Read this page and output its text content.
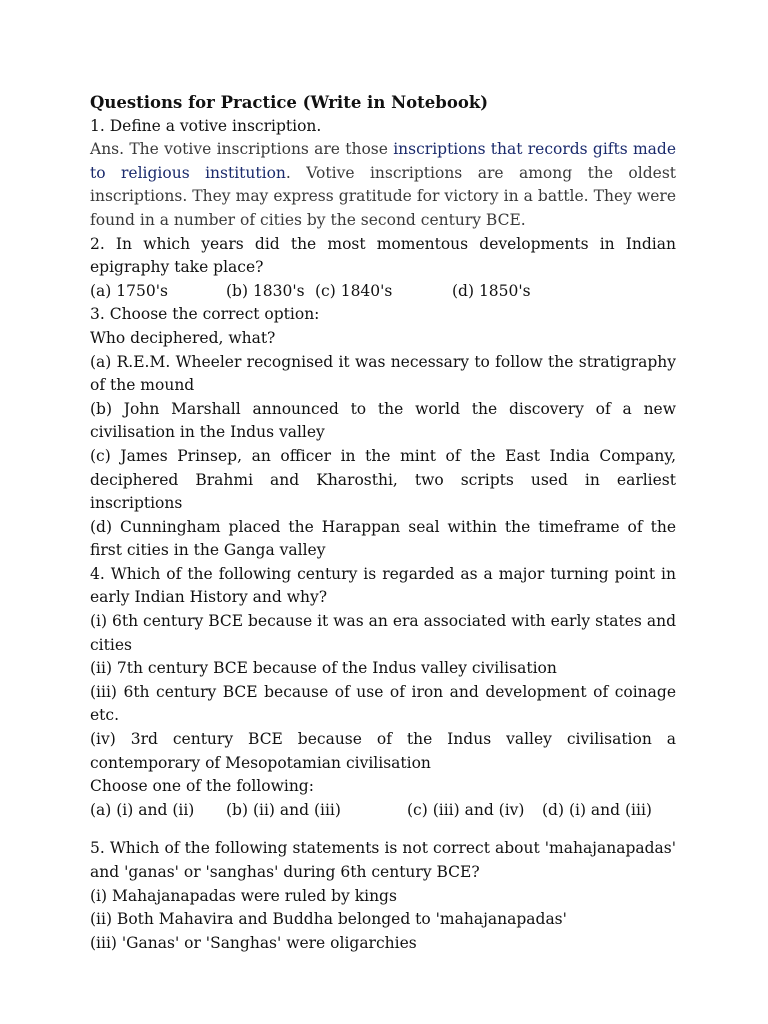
Questions for Practice (Write in Notebook)

1. Define a votive inscription.

Ans. The votive inscriptions are those inscriptions that records gifts made to religious institution. Votive inscriptions are among the oldest inscriptions. They may express gratitude for victory in a battle. They were found in a number of cities by the second century BCE.

2. In which years did the most momentous developments in Indian epigraphy take place?

(a) 1750's	(b) 1830's (c) 1840's	(d) 1850's

3. Choose the correct option:

Who deciphered, what?

(a) R.E.M. Wheeler recognised it was necessary to follow the stratigraphy of the mound

(b) John Marshall announced to the world the discovery of a new civilisation in the Indus valley

(c) James Prinsep, an officer in the mint of the East India Company, deciphered Brahmi and Kharosthi, two scripts used in earliest inscriptions

(d) Cunningham placed the Harappan seal within the timeframe of the first cities in the Ganga valley

4. Which of the following century is regarded as a major turning point in early Indian History and why?

(i) 6th century BCE because it was an era associated with early states and cities

(ii) 7th century BCE because of the Indus valley civilisation

(iii) 6th century BCE because of use of iron and development of coinage etc.

(iv) 3rd century BCE because of the Indus valley civilisation a contemporary of Mesopotamian civilisation

Choose one of the following:

(a) (i) and (ii)	(b) (ii) and (iii)	(c) (iii) and (iv)	(d) (i) and (iii)

5. Which of the following statements is not correct about 'mahajanapadas' and 'ganas' or 'sanghas' during 6th century BCE?

(i) Mahajanapadas were ruled by kings

(ii) Both Mahavira and Buddha belonged to 'mahajanapadas'

(iii) 'Ganas' or 'Sanghas' were oligarchies
